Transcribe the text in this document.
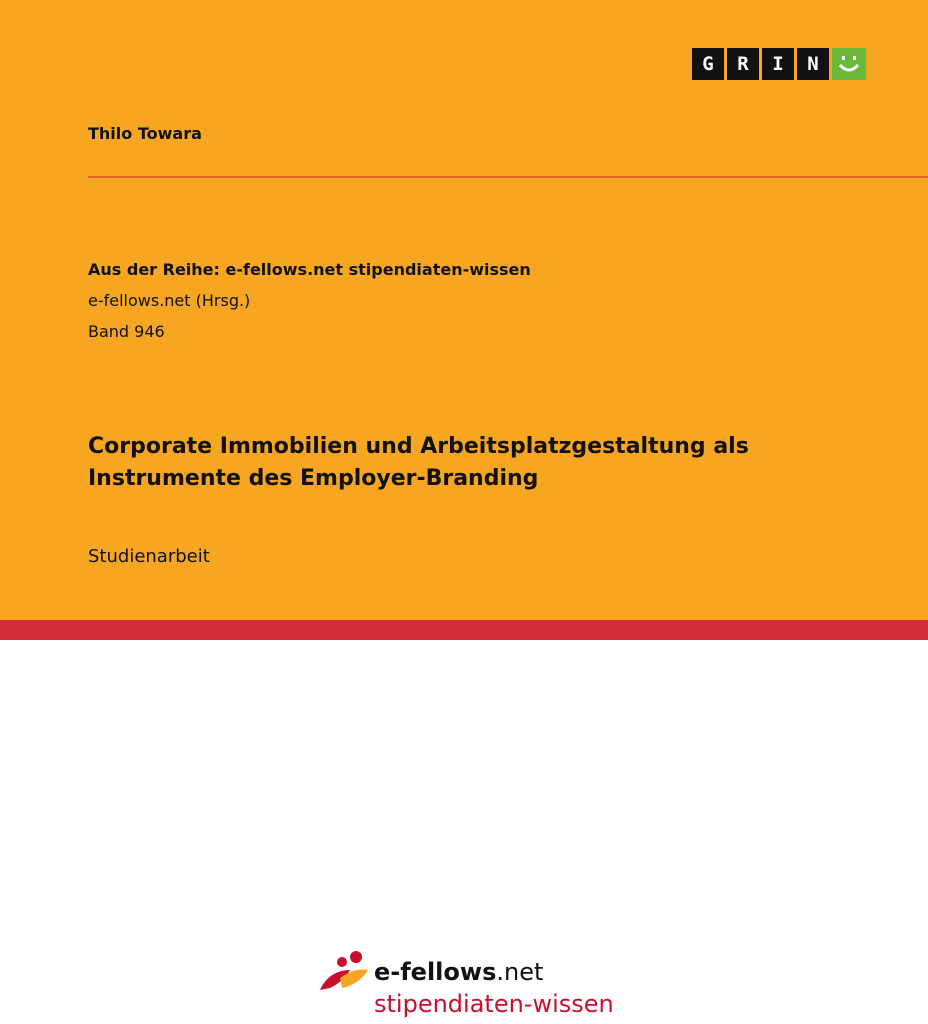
G	R	I	N
Thilo Towara
Aus der Reihe: e-fellows.net stipendiaten-wissen
e-fellows.net (Hrsg.)
Band 946
Corporate Immobilien und Arbeitsplatzgestaltung als
Instrumente des Employer-Branding
Studienarbeit
e-fellows.net
stipendiaten-wissen
